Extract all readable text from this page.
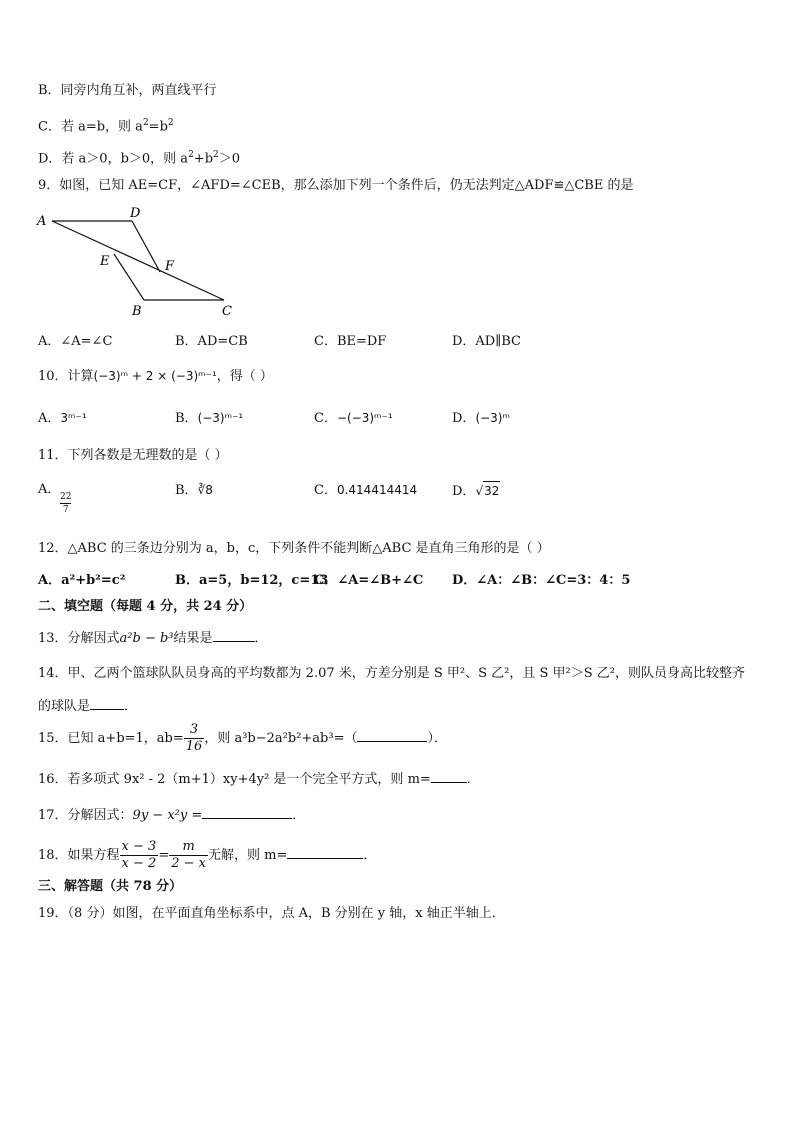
B．同旁内角互补，两直线平行
C．若 a=b，则 $a^2=b^2$
D．若 a＞0，b＞0，则 $a^2+b^2>0$
9．如图，已知 AE=CF，∠AFD=∠CEB，那么添加下列一个条件后，仍无法判定△ADF≌△CBE 的是
A
D
E	F
B	C
A．∠A=∠C	B．AD=CB	C．BE=DF	D．AD∥BC
10．计算(−3)ᵐ + 2 × (−3)ᵐ⁻¹，得（ ）
A．3ᵐ⁻¹	B．(−3)ᵐ⁻¹	C．−(−3)ᵐ⁻¹	D．(−3)ᵐ
11．下列各数是无理数的是（ ）
A． 22
7
B．∛8	C．0.414414414	D．√32
12．△ABC 的三条边分别为 a，b，c，下列条件不能判断△ABC 是直角三角形的是（ ）
A．a²+b²=c²	B．a=5，b=12，c=13
C．∠A=∠B+∠C D．∠A：∠B：∠C=3：4：5
二、填空题（每题 4 分，共 24 分）
13．分解因式a²b − b³结果是	．
14．甲、乙两个篮球队队员身高的平均数都为 2.07 米，方差分别是 S 甲²、S 乙²，且 S 甲²＞S 乙²，则队员身高比较整齐
的球队是	．
15．已知 a+b=1，$ab= \frac{3}{16}$ ，则 a³b−2a²b²+ab³=（	）．
16．若多项式 9x² - 2（m+1）xy+4y² 是一个完全平方式，则 m=	．
17．分解因式：9y − x²y =	．
18．如果方程 $\frac{x - 3}{x - 2} = \frac{m}{2 - x}$ 无解，则 m=	．
三、解答题（共 78 分）
19．（8 分）如图，在平面直角坐标系中，点 A，B 分别在 y 轴，x 轴正半轴上．
